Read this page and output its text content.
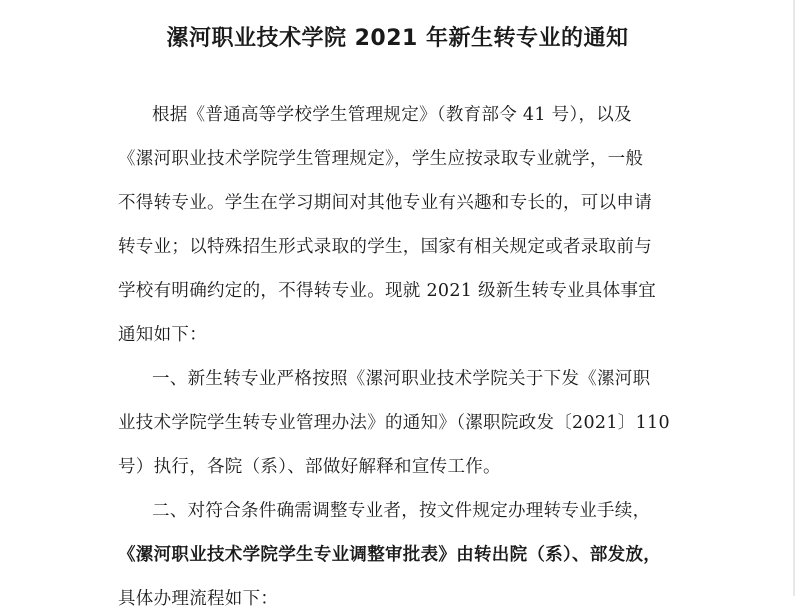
漯河职业技术学院 2021 年新生转专业的通知
根据《普通高等学校学生管理规定》（教育部令 41 号），以及
《漯河职业技术学院学生管理规定》，学生应按录取专业就学，一般
不得转专业。学生在学习期间对其他专业有兴趣和专长的，可以申请
转专业；以特殊招生形式录取的学生，国家有相关规定或者录取前与
学校有明确约定的，不得转专业。现就 2021 级新生转专业具体事宜
通知如下：
一、新生转专业严格按照《漯河职业技术学院关于下发《漯河职
业技术学院学生转专业管理办法》的通知》（漯职院政发〔2021〕110
号）执行，各院（系）、部做好解释和宣传工作。
二、对符合条件确需调整专业者，按文件规定办理转专业手续，
《漯河职业技术学院学生专业调整审批表》由转出院（系）、部发放，
具体办理流程如下：
